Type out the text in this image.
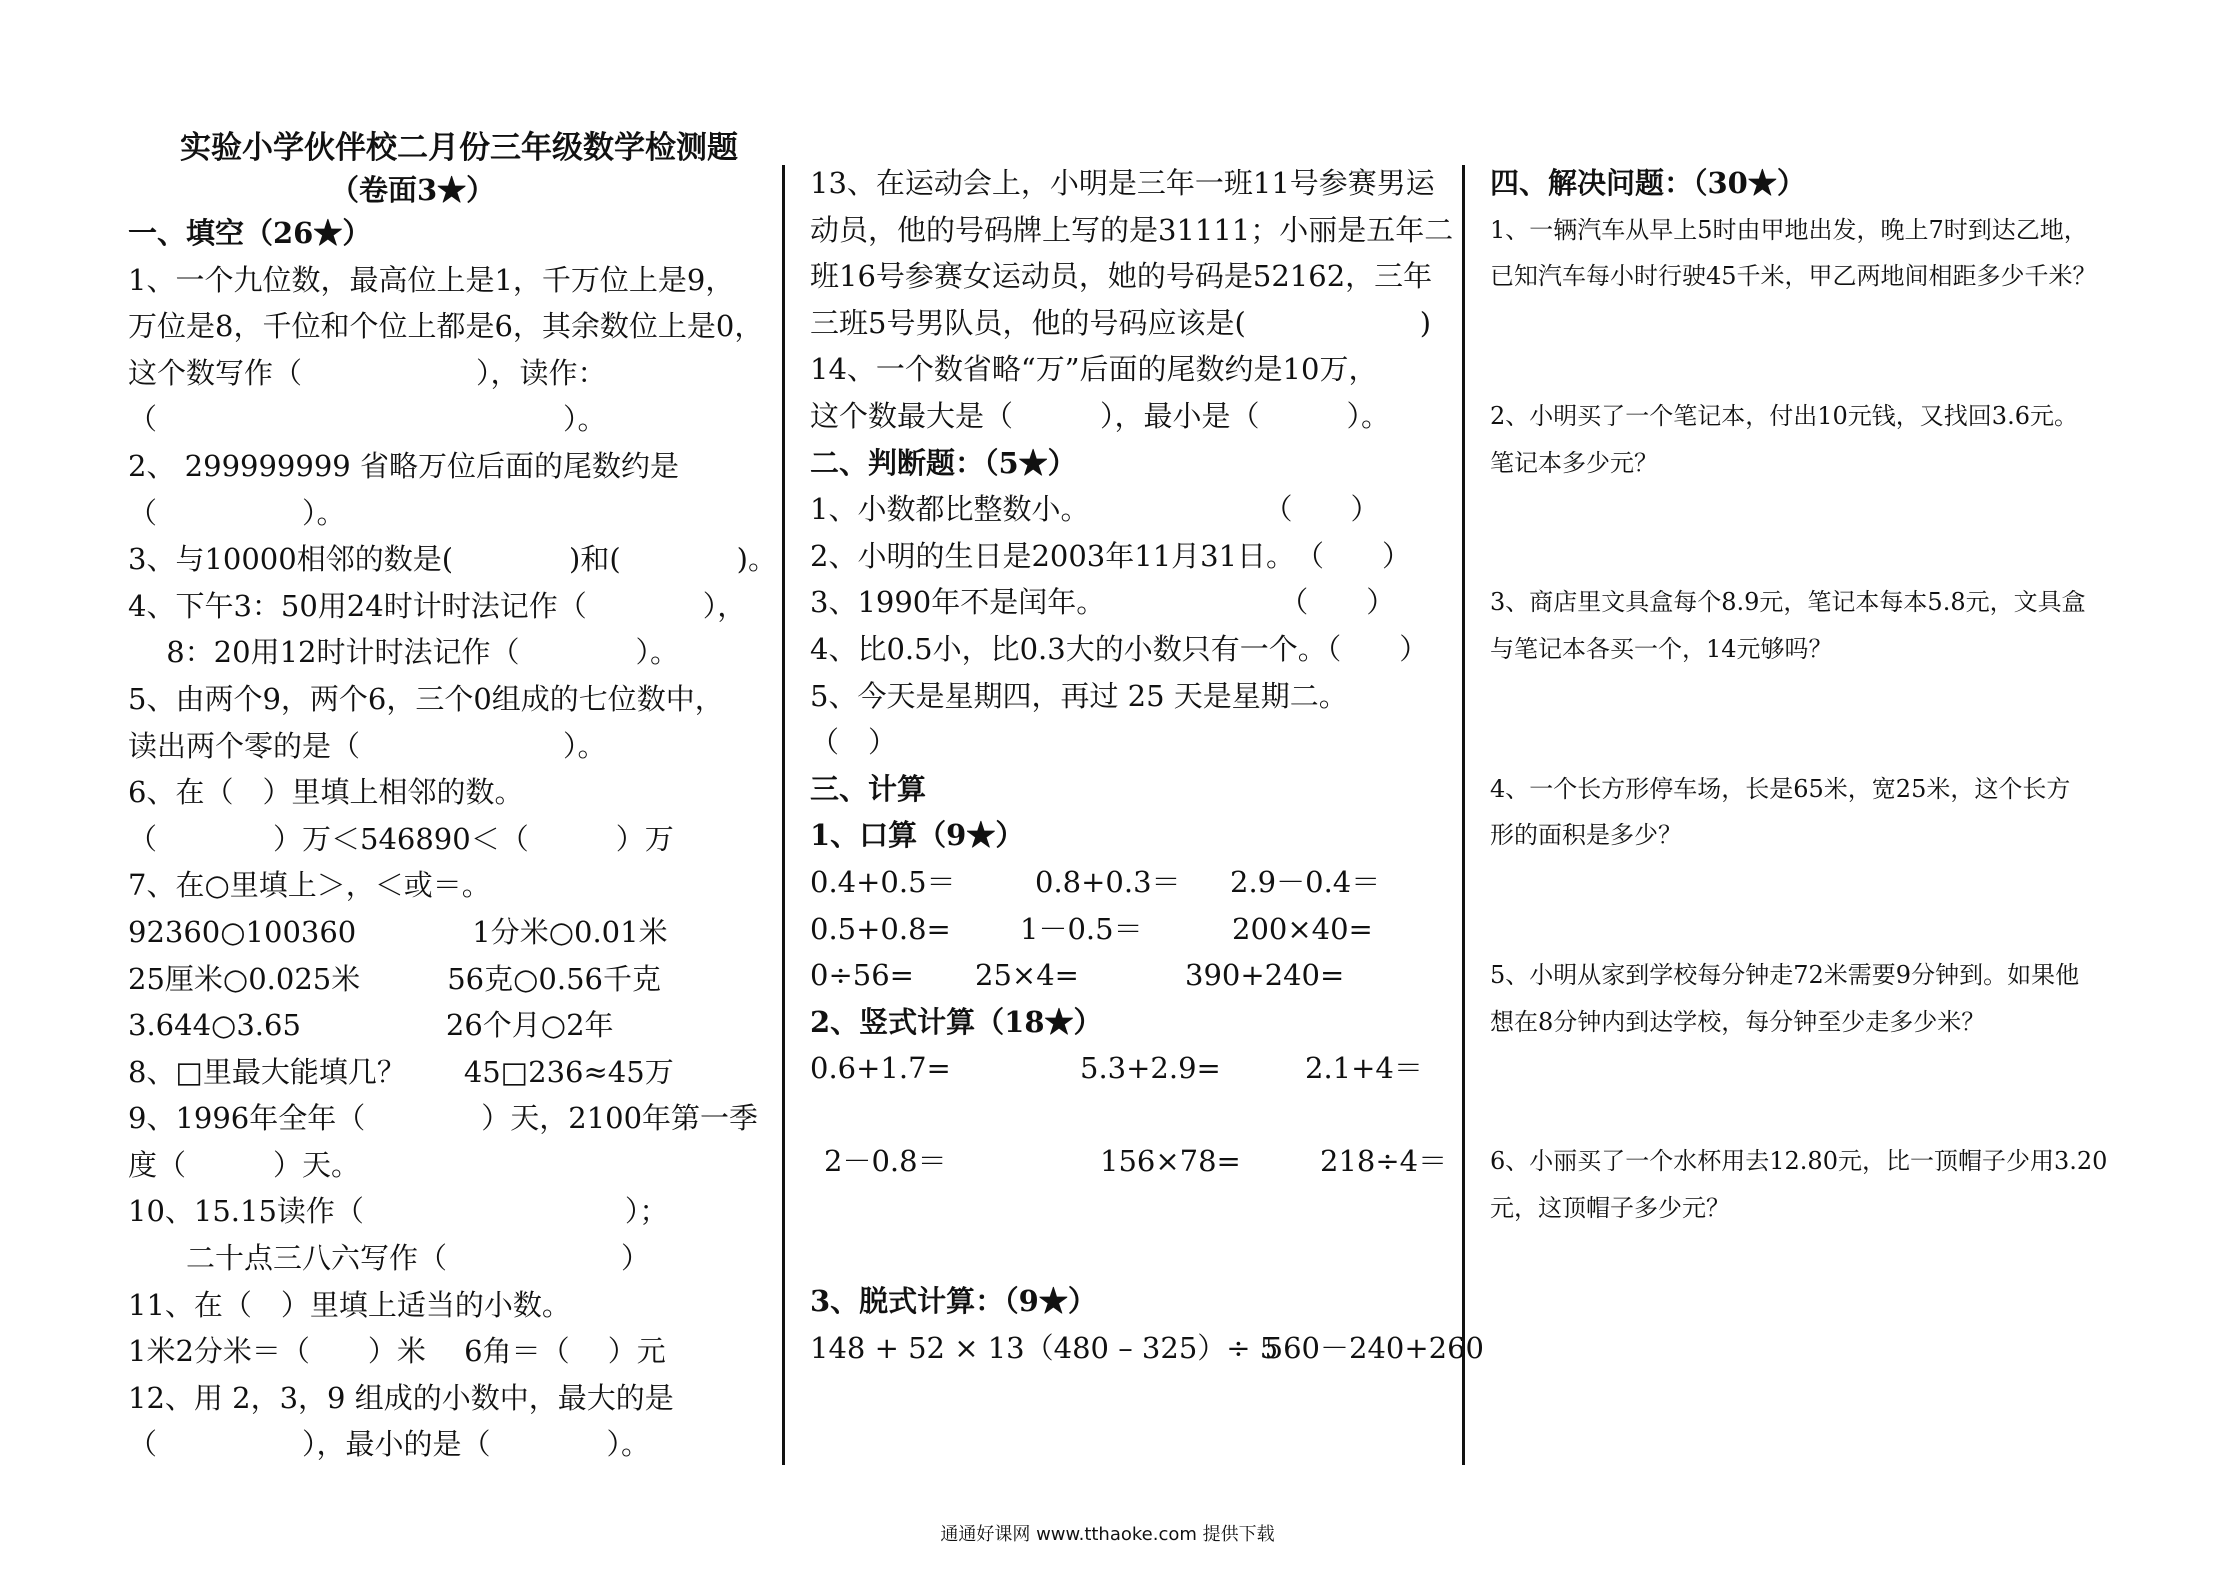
实验小学伙伴校二月份三年级数学检测题
（卷面3★）
一、填空（26★）
1、一个九位数，最高位上是1，千万位上是9，
万位是8，千位和个位上都是6，其余数位上是0，
这个数写作（　　　　　　），读作：
（　　　　　　　　　　　　　　）。
2、 299999999 省略万位后面的尾数约是
（　　　　　）。
3、与10000相邻的数是(　　　　)和(　　　　)。
4、下午3：50用24时计时法记作（　　　　），
　 8：20用12时计时法记作（　　　　）。
5、由两个9，两个6，三个0组成的七位数中，
读出两个零的是（　　　　　　　）。
6、在（　）里填上相邻的数。
（　　　　）万＜546890＜（　　　）万
7、在○里填上＞，＜或＝。
92360○100360　　　　1分米○0.01米
25厘米○0.025米　　　56克○0.56千克
3.644○3.65　　　　　26个月○2年
8、□里最大能填几？　　45□236≈45万
9、1996年全年（　　　　）天，2100年第一季
度（　　　）天。
10、15.15读作（　　　　　　　　　）；
　　二十点三八六写作（　　　　　　）
11、在（　）里填上适当的小数。
1米2分米＝（　　）米　 6角＝（　 ）元
12、用 2，3，9 组成的小数中，最大的是
（　　　　　），最小的是（　　　　）。
13、在运动会上，小明是三年一班11号参赛男运
动员，他的号码牌上写的是31111；小丽是五年二
班16号参赛女运动员，她的号码是52162，三年
三班5号男队员，他的号码应该是(　　　　　　)
14、一个数省略“万”后面的尾数约是10万，
这个数最大是（　　　），最小是（　　　）。
二、判断题：（5★）
1、小数都比整数小。　　　　　　　（　　）
2、小明的生日是2003年11月31日。　（　　）
3、1990年不是闰年。　　　　　　　（　　）
4、比0.5小，比0.3大的小数只有一个。（　　）
5、今天是星期四，再过 25 天是星期二。
（　）
三、计算
1、口算（9★）
0.4+0.5＝	0.8+0.3＝	2.9－0.4＝
0.5+0.8=	1－0.5＝	200×40=
0÷56=	25×4=	390+240=
2、竖式计算（18★）
0.6+1.7=	5.3+2.9=	2.1+4＝
2－0.8＝	156×78=	218÷4＝
3、脱式计算：（9★）
148 + 52 × 13 （480 – 325）÷ 5
560－240+260
四、解决问题：（30★）
1、一辆汽车从早上5时由甲地出发，晚上7时到达乙地，
已知汽车每小时行驶45千米，甲乙两地间相距多少千米？
2、小明买了一个笔记本，付出10元钱，又找回3.6元。
笔记本多少元？
3、商店里文具盒每个8.9元，笔记本每本5.8元，文具盒
与笔记本各买一个，14元够吗？
4、一个长方形停车场，长是65米，宽25米，这个长方
形的面积是多少？
5、小明从家到学校每分钟走72米需要9分钟到。如果他
想在8分钟内到达学校，每分钟至少走多少米？
6、小丽买了一个水杯用去12.80元，比一顶帽子少用3.20
元，这顶帽子多少元？
通通好课网 www.tthaoke.com 提供下载
